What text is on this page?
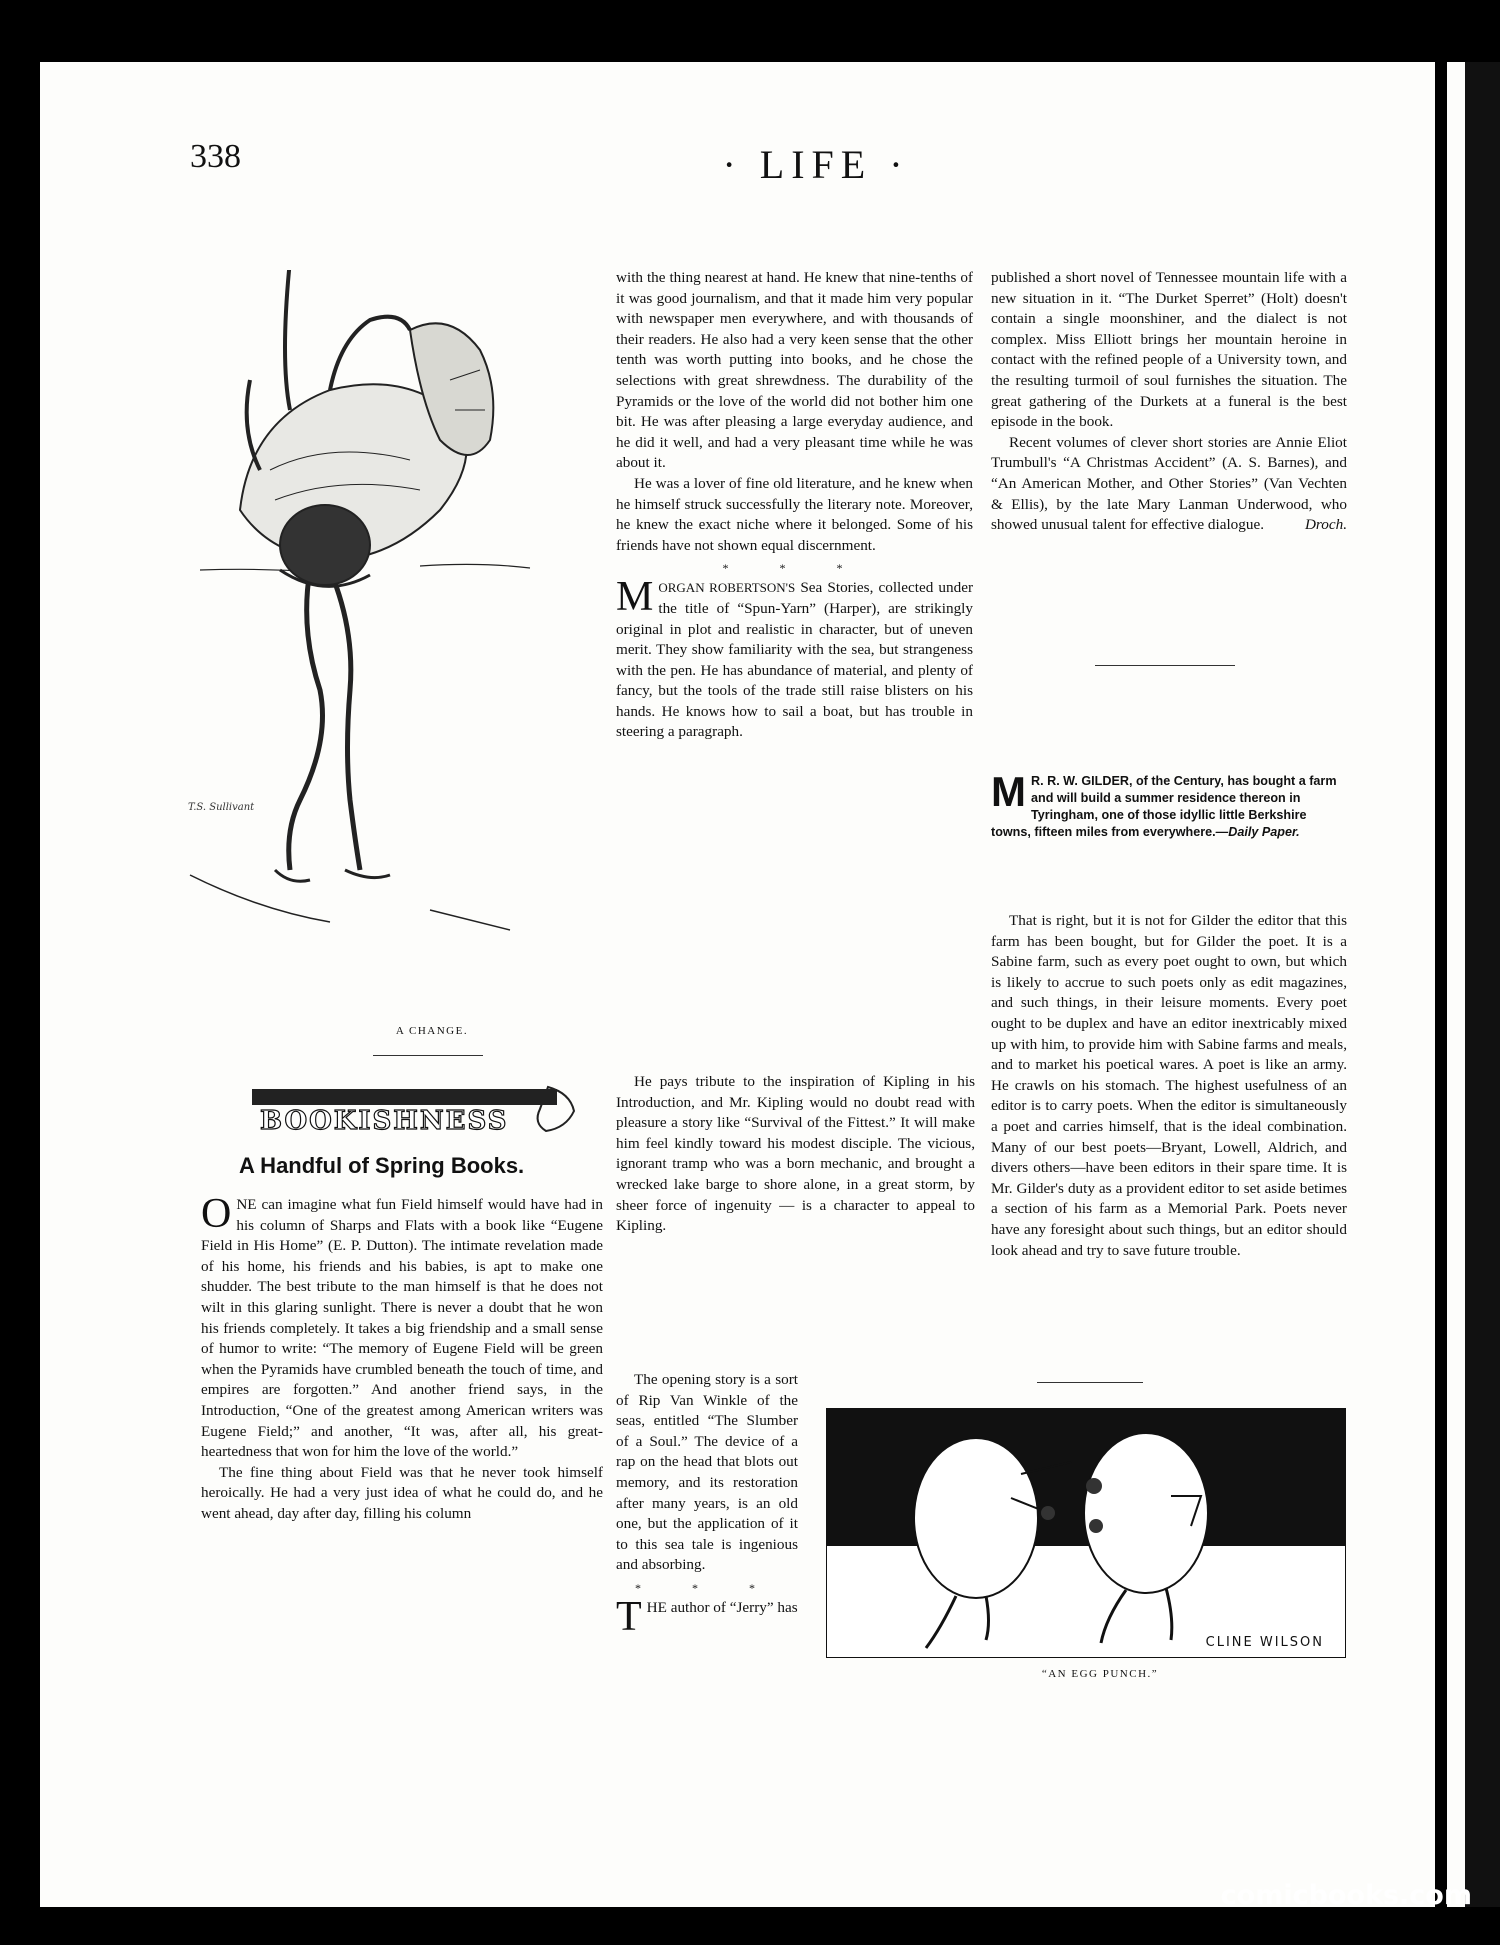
338	· LIFE ·
T.S. Sullivant
A CHANGE.
BOOKISHNESS
A Handful of Spring Books.

ONE can imagine what fun Field himself would have had in his column of Sharps and Flats with a book like “Eugene Field in His Home” (E. P. Dutton). The intimate revelation made of his home, his friends and his babies, is apt to make one shudder. The best tribute to the man himself is that he does not wilt in this glaring sunlight. There is never a doubt that he won his friends completely. It takes a big friendship and a small sense of humor to write: “The memory of Eugene Field will be green when the Pyramids have crumbled beneath the touch of time, and empires are forgotten.” And another friend says, in the Introduction, “One of the greatest among American writers was Eugene Field;” and another, “It was, after all, his great-heartedness that won for him the love of the world.”

The fine thing about Field was that he never took himself heroically. He had a very just idea of what he could do, and he went ahead, day after day, filling his column

with the thing nearest at hand. He knew that nine-tenths of it was good journalism, and that it made him very popular with newspaper men everywhere, and with thousands of their readers. He also had a very keen sense that the other tenth was worth putting into books, and he chose the selections with great shrewdness. The durability of the Pyramids or the love of the world did not bother him one bit. He was after pleasing a large everyday audience, and he did it well, and had a very pleasant time while he was about it.

He was a lover of fine old literature, and he knew when he himself struck successfully the literary note. Moreover, he knew the exact niche where it belonged. Some of his friends have not shown equal discernment.

* * *

MORGAN ROBERTSON'S Sea Stories, collected under the title of “Spun-Yarn” (Harper), are strikingly original in plot and realistic in character, but of uneven merit. They show familiarity with the sea, but strangeness with the pen. He has abundance of material, and plenty of fancy, but the tools of the trade still raise blisters on his hands. He knows how to sail a boat, but has trouble in steering a paragraph.

He pays tribute to the inspiration of Kipling in his Introduction, and Mr. Kipling would no doubt read with pleasure a story like “Survival of the Fittest.” It will make him feel kindly toward his modest disciple. The vicious, ignorant tramp who was a born mechanic, and brought a wrecked lake barge to shore alone, in a great storm, by sheer force of ingenuity — is a character to appeal to Kipling.

The opening story is a sort of Rip Van Winkle of the seas, entitled “The Slumber of a Soul.” The device of a rap on the head that blots out memory, and its restoration after many years, is an old one, but the application of it to this sea tale is ingenious and absorbing.

* * *

THE author of “Jerry” has

published a short novel of Tennessee mountain life with a new situation in it. “The Durket Sperret” (Holt) doesn't contain a single moonshiner, and the dialect is not complex. Miss Elliott brings her mountain heroine in contact with the refined people of a University town, and the resulting turmoil of soul furnishes the situation. The great gathering of the Durkets at a funeral is the best episode in the book.

Recent volumes of clever short stories are Annie Eliot Trumbull's “A Christmas Accident” (A. S. Barnes), and “An American Mother, and Other Stories” (Van Vechten & Ellis), by the late Mary Lanman Underwood, who showed unusual talent for effective dialogue.	Droch.

M R. R. W. GILDER, of the Century, has bought a farm and will build a summer residence thereon in Tyringham, one of those idyllic little Berkshire towns, fifteen miles from everywhere.—Daily Paper.

That is right, but it is not for Gilder the editor that this farm has been bought, but for Gilder the poet. It is a Sabine farm, such as every poet ought to own, but which is likely to accrue to such poets only as edit magazines, and such things, in their leisure moments. Every poet ought to be duplex and have an editor inextricably mixed up with him, to provide him with Sabine farms and meals, and to market his poetical wares. A poet is like an army. He crawls on his stomach. The highest usefulness of an editor is to carry poets. When the editor is simultaneously a poet and carries himself, that is the ideal combination. Many of our best poets—Bryant, Lowell, Aldrich, and divers others—have been editors in their spare time. It is Mr. Gilder's duty as a provident editor to set aside betimes a section of his farm as a Memorial Park. Poets never have any foresight about such things, but an editor should look ahead and try to save future trouble.

CLINE WILSON
“AN EGG PUNCH.”
comicbooks.com
